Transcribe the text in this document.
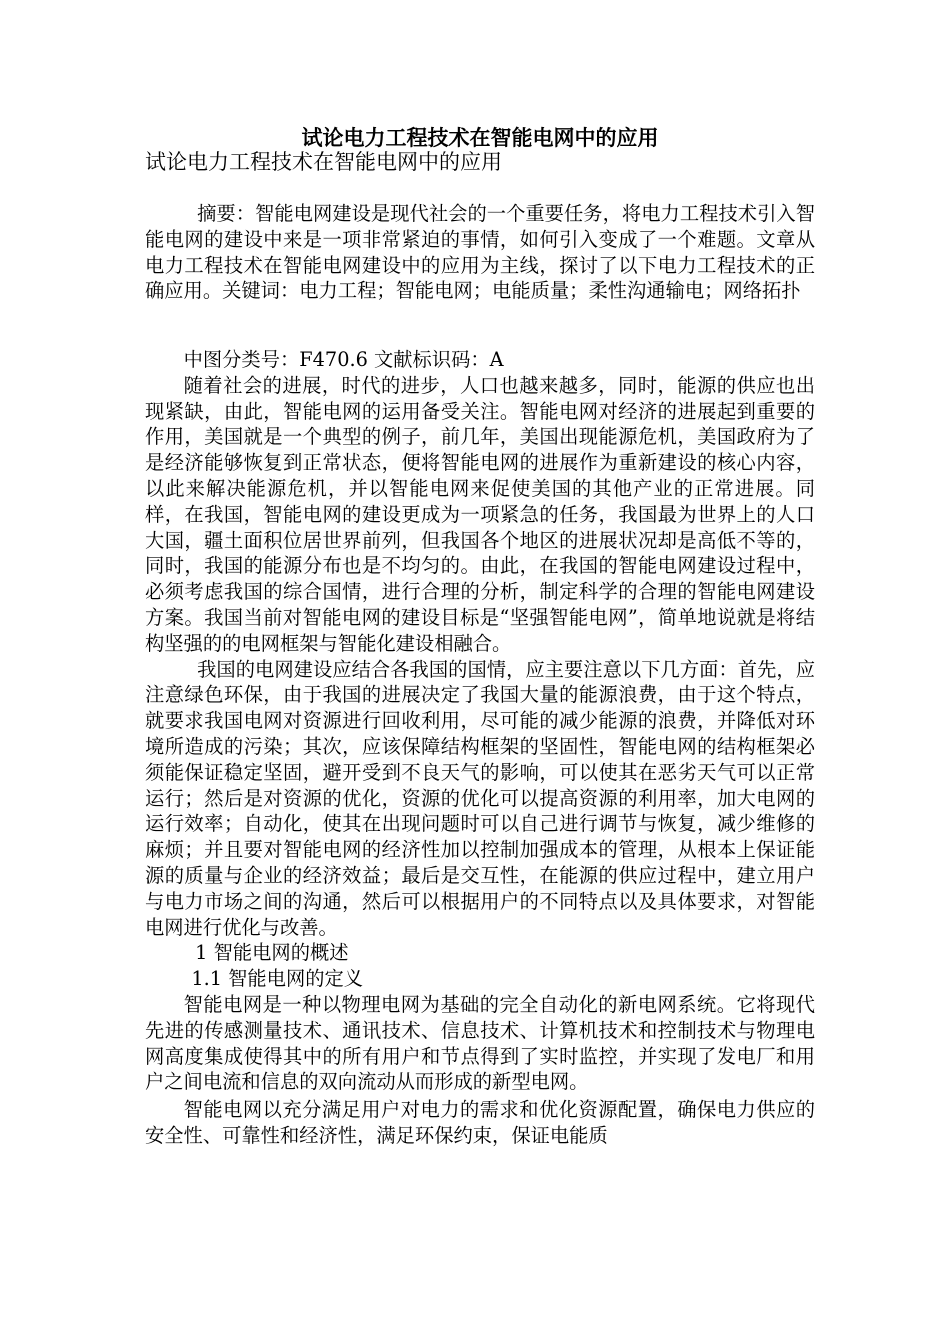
试论电力工程技术在智能电网中的应用
试论电力工程技术在智能电网中的应用

摘要：智能电网建设是现代社会的一个重要任务，将电力工程技术引入智能电网的建设中来是一项非常紧迫的事情，如何引入变成了一个难题。文章从电力工程技术在智能电网建设中的应用为主线，探讨了以下电力工程技术的正确应用。关键词：电力工程；智能电网；电能质量；柔性沟通输电；网络拓扑

中图分类号：F470.6 文献标识码：A

随着社会的进展，时代的进步，人口也越来越多，同时，能源的供应也出现紧缺，由此，智能电网的运用备受关注。智能电网对经济的进展起到重要的作用，美国就是一个典型的例子，前几年，美国出现能源危机，美国政府为了是经济能够恢复到正常状态，便将智能电网的进展作为重新建设的核心内容，以此来解决能源危机，并以智能电网来促使美国的其他产业的正常进展。同样，在我国，智能电网的建设更成为一项紧急的任务，我国最为世界上的人口大国，疆土面积位居世界前列，但我国各个地区的进展状况却是高低不等的，同时，我国的能源分布也是不均匀的。由此，在我国的智能电网建设过程中，必须考虑我国的综合国情，进行合理的分析，制定科学的合理的智能电网建设方案。我国当前对智能电网的建设目标是“坚强智能电网”，简单地说就是将结构坚强的的电网框架与智能化建设相融合。

我国的电网建设应结合各我国的国情，应主要注意以下几方面：首先，应注意绿色环保，由于我国的进展决定了我国大量的能源浪费，由于这个特点，就要求我国电网对资源进行回收利用，尽可能的减少能源的浪费，并降低对环境所造成的污染；其次，应该保障结构框架的坚固性，智能电网的结构框架必须能保证稳定坚固，避开受到不良天气的影响，可以使其在恶劣天气可以正常运行；然后是对资源的优化，资源的优化可以提高资源的利用率，加大电网的运行效率；自动化，使其在出现问题时可以自己进行调节与恢复，减少维修的麻烦；并且要对智能电网的经济性加以控制加强成本的管理，从根本上保证能源的质量与企业的经济效益；最后是交互性，在能源的供应过程中，建立用户与电力市场之间的沟通，然后可以根据用户的不同特点以及具体要求，对智能电网进行优化与改善。

1 智能电网的概述

1.1 智能电网的定义

智能电网是一种以物理电网为基础的完全自动化的新电网系统。它将现代先进的传感测量技术、通讯技术、信息技术、计算机技术和控制技术与物理电网高度集成使得其中的所有用户和节点得到了实时监控，并实现了发电厂和用户之间电流和信息的双向流动从而形成的新型电网。

智能电网以充分满足用户对电力的需求和优化资源配置，确保电力供应的安全性、可靠性和经济性，满足环保约束，保证电能质
